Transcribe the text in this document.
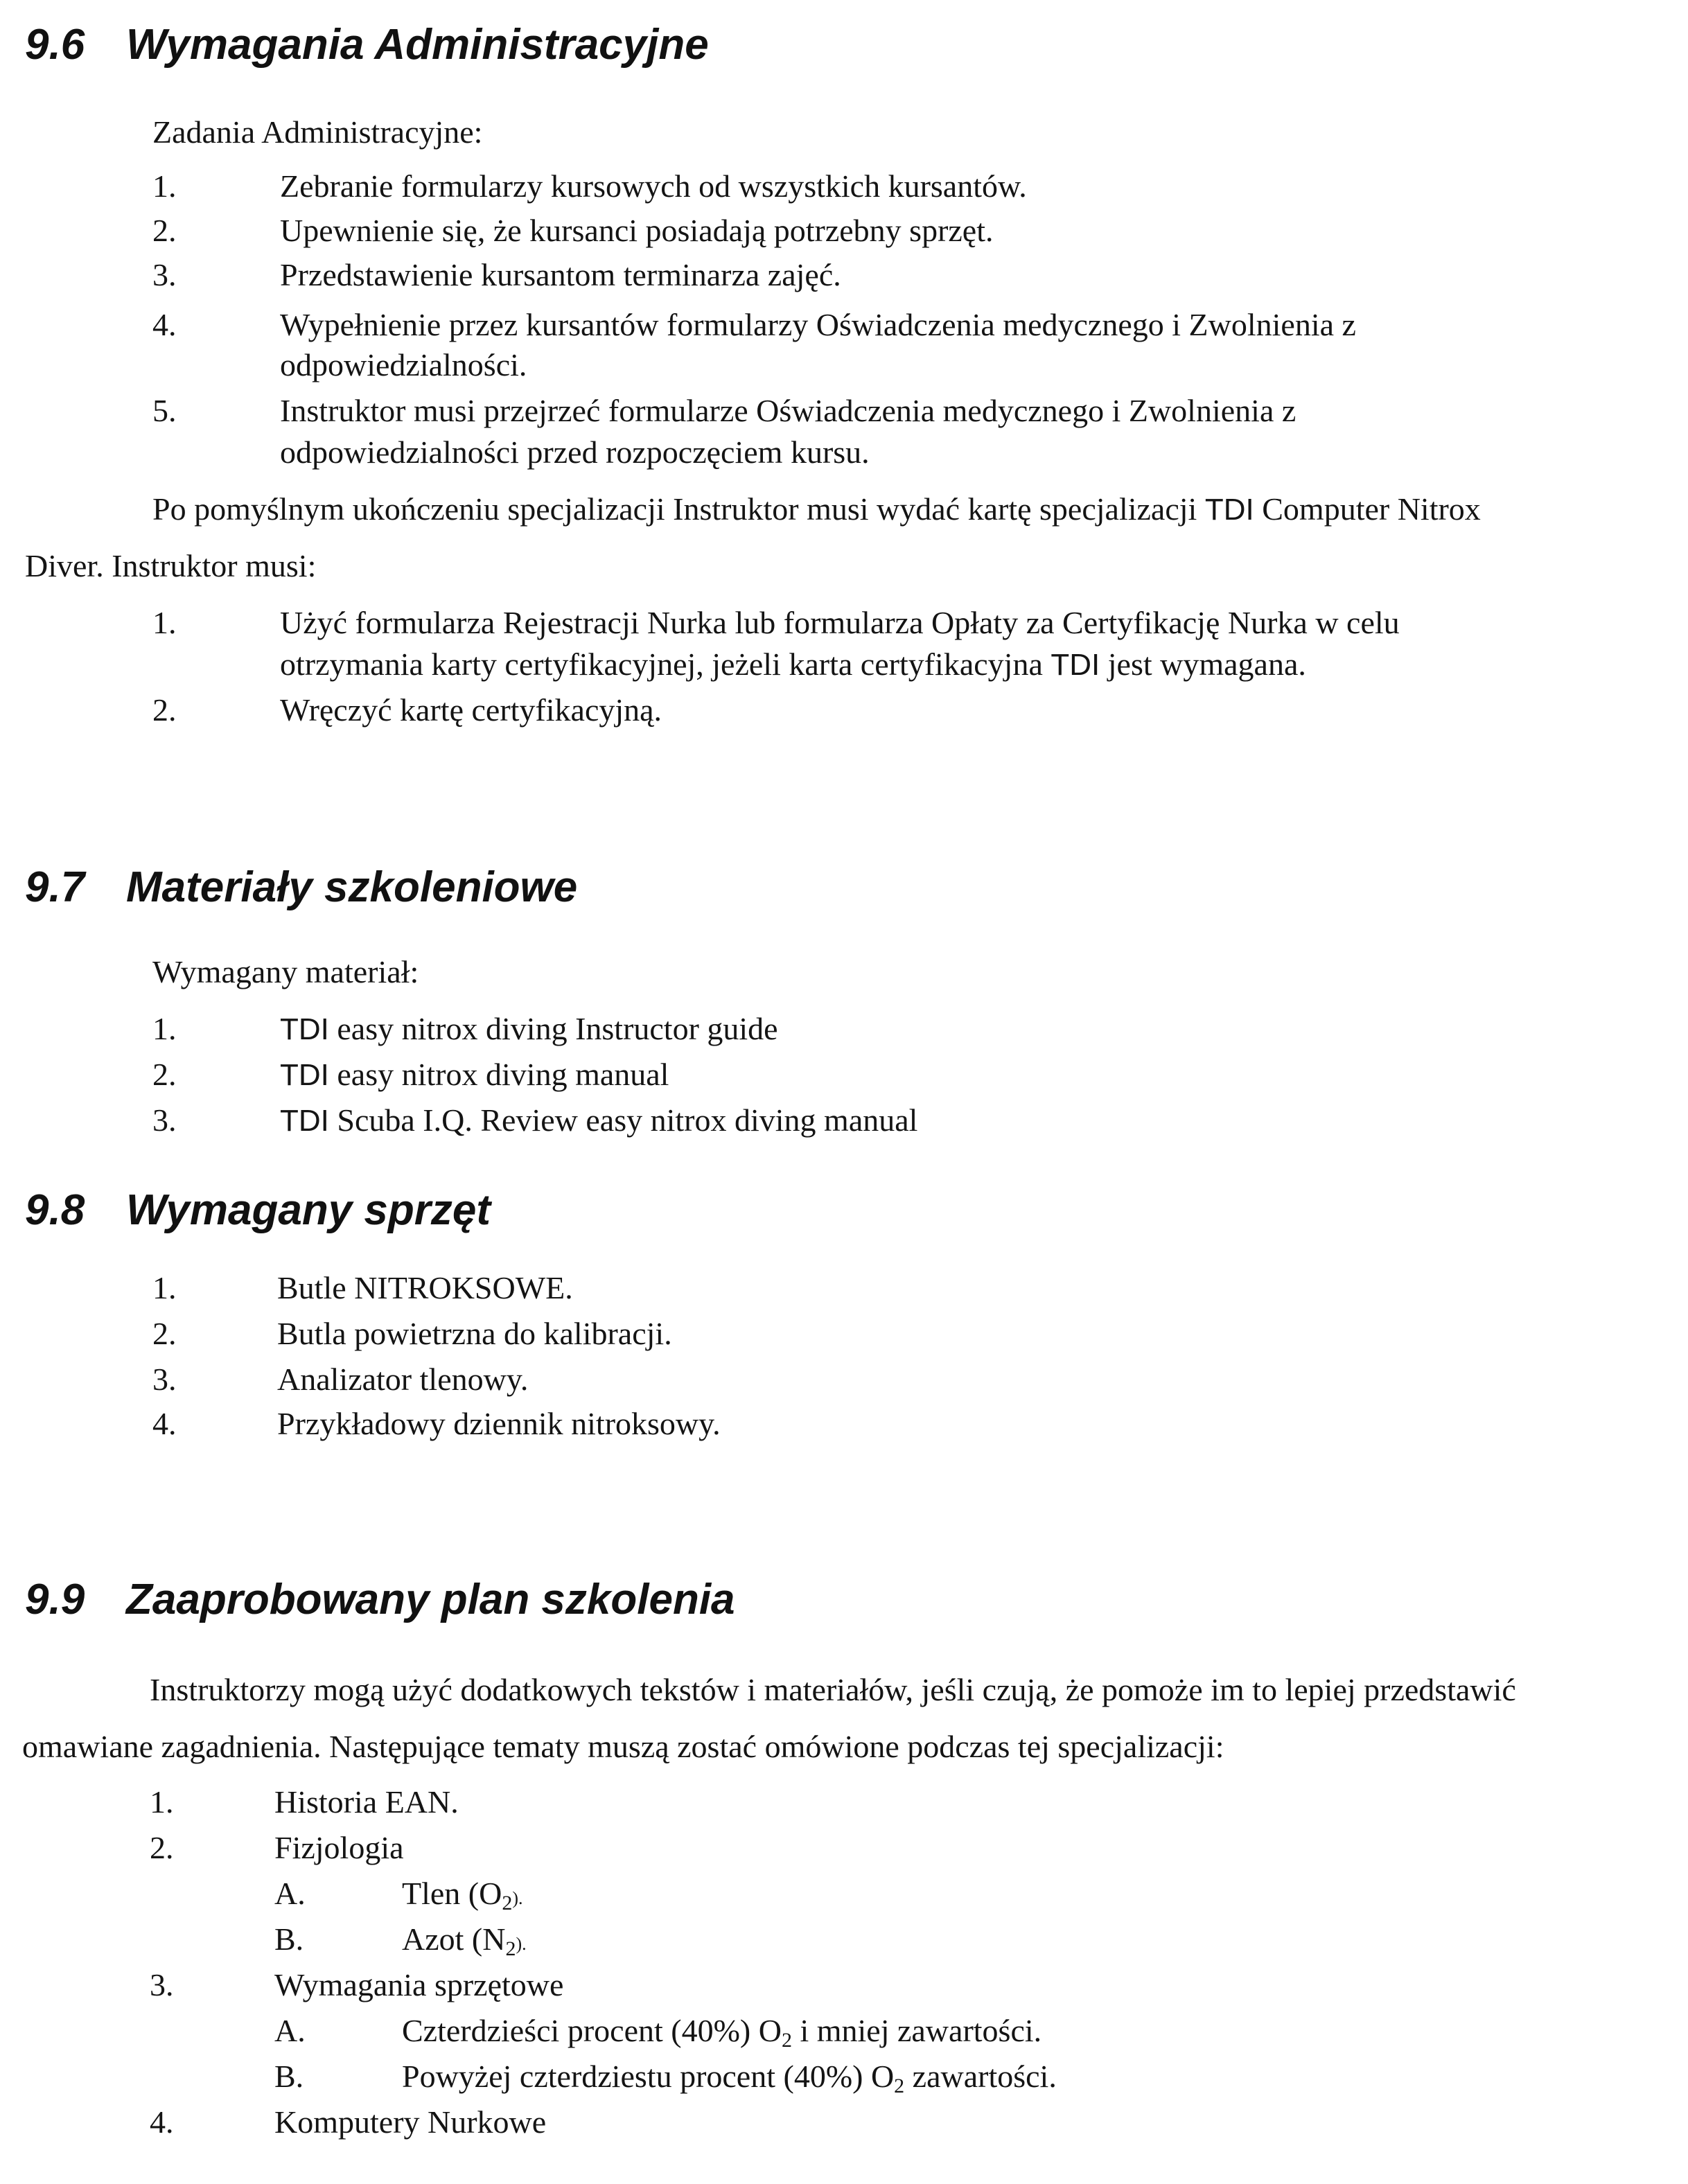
9.6 Wymagania Administracyjne

Zadania Administracyjne:

1.	Zebranie formularzy kursowych od wszystkich kursantów.
2.	Upewnienie się, że kursanci posiadają potrzebny sprzęt.
3.	Przedstawienie kursantom terminarza zajęć.
4.	Wypełnienie przez kursantów formularzy Oświadczenia medycznego i Zwolnienia z
odpowiedzialności.
5.	Instruktor musi przejrzeć formularze Oświadczenia medycznego i Zwolnienia z
odpowiedzialności przed rozpoczęciem kursu.

Po pomyślnym ukończeniu specjalizacji Instruktor musi wydać kartę specjalizacji TDI Computer Nitrox

Diver. Instruktor musi:

1.	Użyć formularza Rejestracji Nurka lub formularza Opłaty za Certyfikację Nurka w celu
otrzymania karty certyfikacyjnej, jeżeli karta certyfikacyjna TDI jest wymagana.
2.	Wręczyć kartę certyfikacyjną.
9.7 Materiały szkoleniowe

Wymagany materiał:

1.	TDI easy nitrox diving Instructor guide
2.	TDI easy nitrox diving manual
3.	TDI Scuba I.Q. Review easy nitrox diving manual
9.8 Wymagany sprzęt
1.	Butle NITROKSOWE.
2.	Butla powietrzna do kalibracji.
3.	Analizator tlenowy.
4.	Przykładowy dziennik nitroksowy.
9.9 Zaaprobowany plan szkolenia

Instruktorzy mogą użyć dodatkowych tekstów i materiałów, jeśli czują, że pomoże im to lepiej przedstawić

omawiane zagadnienia. Następujące tematy muszą zostać omówione podczas tej specjalizacji:

1.	Historia EAN.
2.	Fizjologia
A.	Tlen $(O_2)$.
B.	Azot $(N_2)$.
3.	Wymagania sprzętowe
A.	Czterdzieści procent (40%) $O_2$ i mniej zawartości.
B.	Powyżej czterdziestu procent (40%) $O_2$ zawartości.
4.	Komputery Nurkowe
